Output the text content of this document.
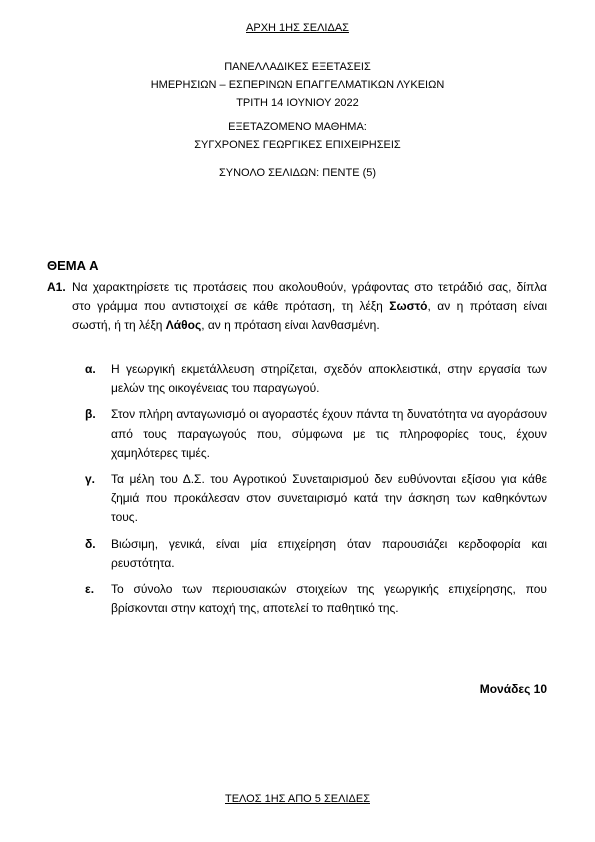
ΑΡΧΗ 1ΗΣ ΣΕΛΙΔΑΣ
ΠΑΝΕΛΛΑΔΙΚΕΣ ΕΞΕΤΑΣΕΙΣ
ΗΜΕΡΗΣΙΩΝ – ΕΣΠΕΡΙΝΩΝ ΕΠΑΓΓΕΛΜΑΤΙΚΩΝ ΛΥΚΕΙΩΝ
ΤΡΙΤΗ 14 ΙΟΥΝΙΟΥ 2022
ΕΞΕΤΑΖΟΜΕΝΟ ΜΑΘΗΜΑ:
ΣΥΓΧΡΟΝΕΣ ΓΕΩΡΓΙΚΕΣ ΕΠΙΧΕΙΡΗΣΕΙΣ
ΣΥΝΟΛΟ ΣΕΛΙΔΩΝ: ΠΕΝΤΕ (5)
ΘΕΜΑ Α
Α1. Να χαρακτηρίσετε τις προτάσεις που ακολουθούν, γράφοντας στο τετράδιό σας, δίπλα στο γράμμα που αντιστοιχεί σε κάθε πρόταση, τη λέξη Σωστό, αν η πρόταση είναι σωστή, ή τη λέξη Λάθος, αν η πρόταση είναι λανθασμένη.
α. Η γεωργική εκμετάλλευση στηρίζεται, σχεδόν αποκλειστικά, στην εργασία των μελών της οικογένειας του παραγωγού.
β. Στον πλήρη ανταγωνισμό οι αγοραστές έχουν πάντα τη δυνατότητα να αγοράσουν από τους παραγωγούς που, σύμφωνα με τις πληροφορίες τους, έχουν χαμηλότερες τιμές.
γ. Τα μέλη του Δ.Σ. του Αγροτικού Συνεταιρισμού δεν ευθύνονται εξίσου για κάθε ζημιά που προκάλεσαν στον συνεταιρισμό κατά την άσκηση των καθηκόντων τους.
δ. Βιώσιμη, γενικά, είναι μία επιχείρηση όταν παρουσιάζει κερδοφορία και ρευστότητα.
ε. Το σύνολο των περιουσιακών στοιχείων της γεωργικής επιχείρησης, που βρίσκονται στην κατοχή της, αποτελεί το παθητικό της.
Μονάδες 10
ΤΕΛΟΣ 1ΗΣ ΑΠΟ 5 ΣΕΛΙΔΕΣ
